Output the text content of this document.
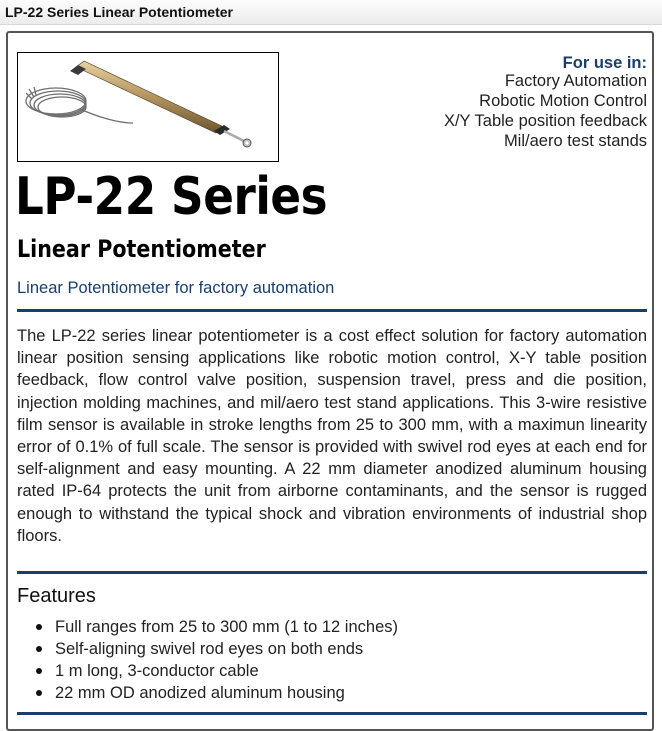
LP-22 Series Linear Potentiometer
For use in:
Factory Automation
Robotic Motion Control
X/Y Table position feedback
Mil/aero test stands
LP-22 Series
Linear Potentiometer
Linear Potentiometer for factory automation

The LP-22 series linear potentiometer is a cost effect solution for factory automation linear position sensing applications like robotic motion control, X-Y table position feedback, flow control valve position, suspension travel, press and die position, injection molding machines, and mil/aero test stand applications. This 3-wire resistive film sensor is available in stroke lengths from 25 to 300 mm, with a maximun linearity error of 0.1% of full scale. The sensor is provided with swivel rod eyes at each end for self-alignment and easy mounting. A 22 mm diameter anodized aluminum housing rated IP-64 protects the unit from airborne contaminants, and the sensor is rugged enough to withstand the typical shock and vibration environments of industrial shop floors.

Features
Full ranges from 25 to 300 mm (1 to 12 inches)
Self-aligning swivel rod eyes on both ends
1 m long, 3-conductor cable
22 mm OD anodized aluminum housing
